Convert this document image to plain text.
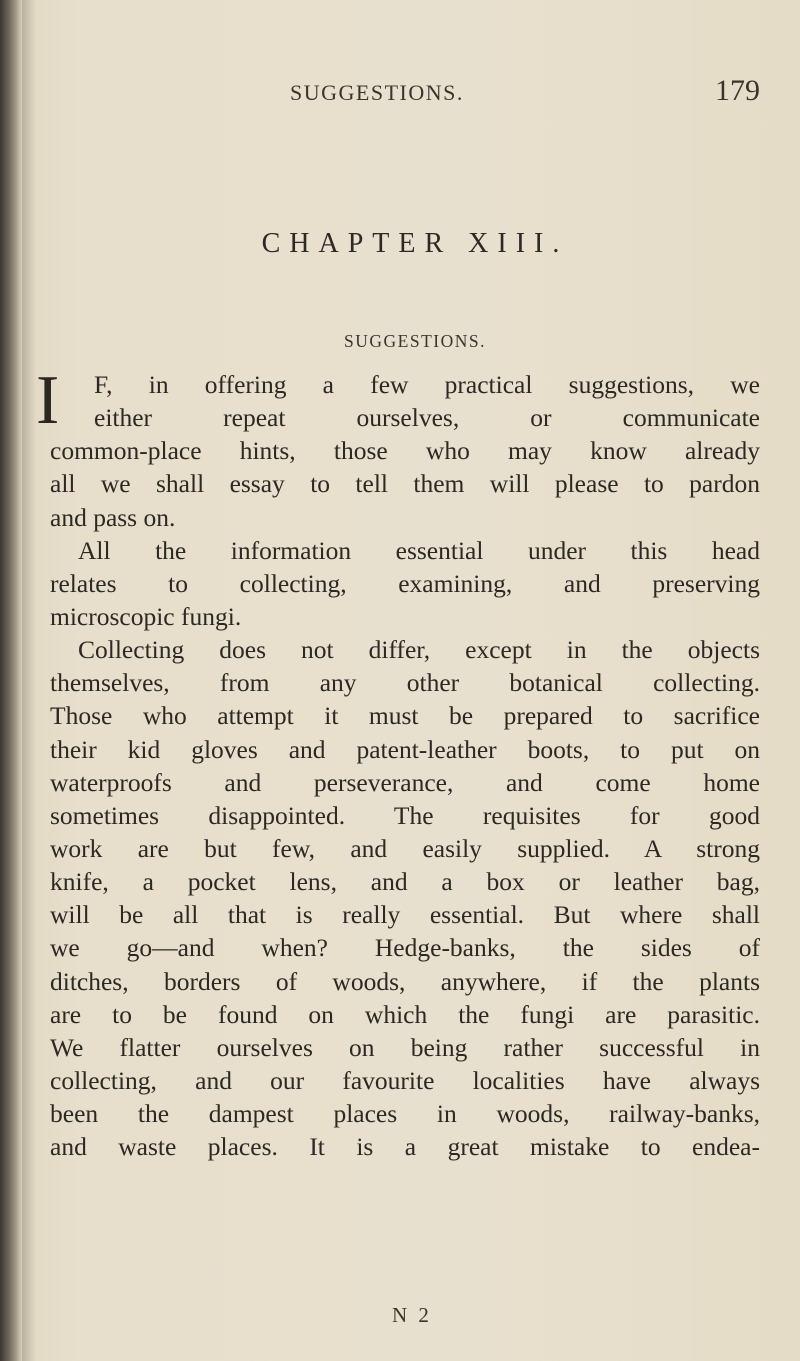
SUGGESTIONS.	179
CHAPTER XIII.
SUGGESTIONS.
I	F, in offering a few practical suggestions, we
either repeat ourselves, or communicate
common-place hints, those who may know already
all we shall essay to tell them will please to pardon
and pass on.
All the information essential under this head
relates to collecting, examining, and preserving
microscopic fungi.
Collecting does not differ, except in the objects
themselves, from any other botanical collecting.
Those who attempt it must be prepared to sacrifice
their kid gloves and patent-leather boots, to put on
waterproofs and perseverance, and come home
sometimes disappointed. The requisites for good
work are but few, and easily supplied. A strong
knife, a pocket lens, and a box or leather bag,
will be all that is really essential. But where shall
we go—and when? Hedge-banks, the sides of
ditches, borders of woods, anywhere, if the plants
are to be found on which the fungi are parasitic.
We flatter ourselves on being rather successful in
collecting, and our favourite localities have always
been the dampest places in woods, railway-banks,
and waste places. It is a great mistake to endea-
N 2
